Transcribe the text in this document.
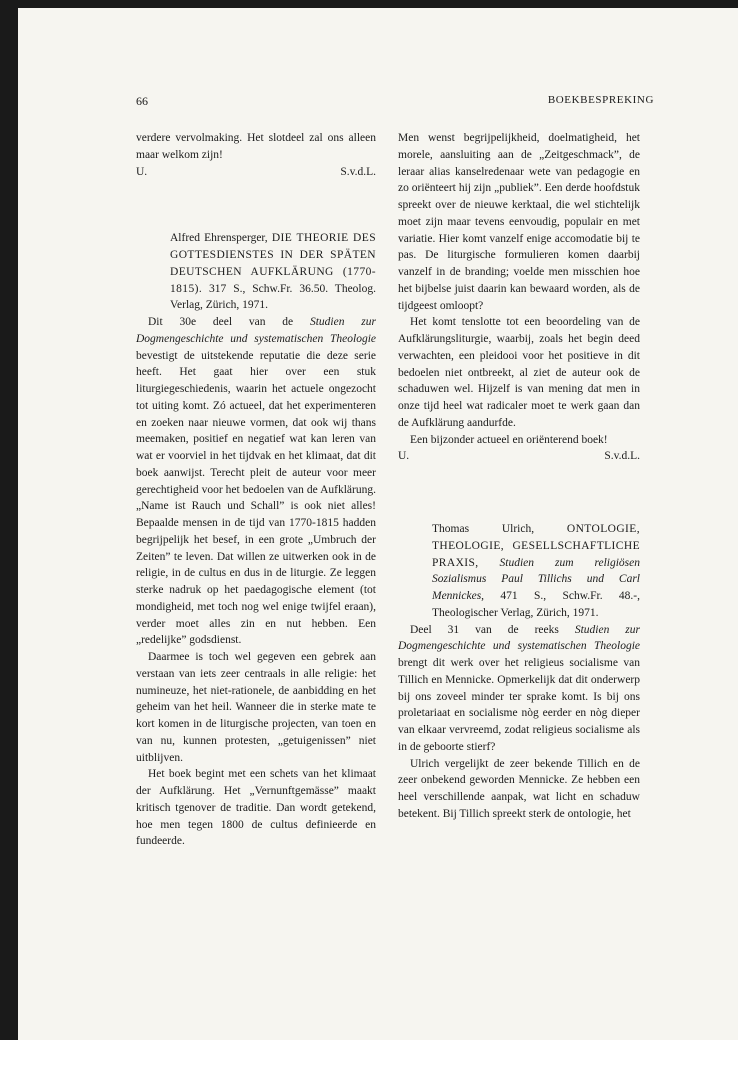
66	BOEKBESPREKING

verdere vervolmaking. Het slotdeel zal ons alleen maar welkom zijn!

U.	S.v.d.L.

Alfred Ehrensperger, DIE THEORIE DES GOTTESDIENSTES IN DER SPÄTEN DEUTSCHEN AUFKLÄRUNG (1770-1815). 317 S., Schw.Fr. 36.50. Theolog. Verlag, Zürich, 1971.

Dit 30e deel van de Studien zur Dogmengeschichte und systematischen Theologie bevestigt de uitstekende reputatie die deze serie heeft. Het gaat hier over een stuk liturgiegeschiedenis, waarin het actuele ongezocht tot uiting komt. Zó actueel, dat het experimenteren en zoeken naar nieuwe vormen, dat ook wij thans meemaken, positief en negatief wat kan leren van wat er voorviel in het tijdvak en het klimaat, dat dit boek aanwijst. Terecht pleit de auteur voor meer gerechtigheid voor het bedoelen van de Aufklärung. „Name ist Rauch und Schall” is ook niet alles! Bepaalde mensen in de tijd van 1770-1815 hadden begrijpelijk het besef, in een grote „Umbruch der Zeiten” te leven. Dat willen ze uitwerken ook in de religie, in de cultus en dus in de liturgie. Ze leggen sterke nadruk op het paedagogische element (tot mondigheid, met toch nog wel enige twijfel eraan), verder moet alles zin en nut hebben. Een „redelijke” godsdienst.

Daarmee is toch wel gegeven een gebrek aan verstaan van iets zeer centraals in alle religie: het numineuze, het niet-rationele, de aanbidding en het geheim van het heil. Wanneer die in sterke mate te kort komen in de liturgische projecten, van toen en van nu, kunnen protesten, „getuigenissen” niet uitblijven.

Het boek begint met een schets van het klimaat der Aufklärung. Het „Vernunftgemässe” maakt kritisch tgenover de traditie. Dan wordt getekend, hoe men tegen 1800 de cultus definieerde en fundeerde.

Men wenst begrijpelijkheid, doelmatigheid, het morele, aansluiting aan de „Zeitgeschmack”, de leraar alias kanselredenaar wete van pedagogie en zo oriënteert hij zijn „publiek”. Een derde hoofdstuk spreekt over de nieuwe kerktaal, die wel stichtelijk moet zijn maar tevens eenvoudig, populair en met variatie. Hier komt vanzelf enige accomodatie bij te pas. De liturgische formulieren komen daarbij vanzelf in de branding; voelde men misschien hoe het bijbelse juist daarin kan bewaard worden, als de tijdgeest omloopt?

Het komt tenslotte tot een beoordeling van de Aufklärungsliturgie, waarbij, zoals het begin deed verwachten, een pleidooi voor het positieve in dit bedoelen niet ontbreekt, al ziet de auteur ook de schaduwen wel. Hijzelf is van mening dat men in onze tijd heel wat radicaler moet te werk gaan dan de Aufklärung aandurfde.

Een bijzonder actueel en oriënterend boek!

U.	S.v.d.L.

Thomas Ulrich, ONTOLOGIE, THEOLOGIE, GESELLSCHAFTLICHE PRAXIS, Studien zum religiösen Sozialismus Paul Tillichs und Carl Mennickes, 471 S., Schw.Fr. 48.-, Theologischer Verlag, Zürich, 1971.

Deel 31 van de reeks Studien zur Dogmengeschichte und systematischen Theologie brengt dit werk over het religieus socialisme van Tillich en Mennicke. Opmerkelijk dat dit onderwerp bij ons zoveel minder ter sprake komt. Is bij ons proletariaat en socialisme nòg eerder en nòg dieper van elkaar vervreemd, zodat religieus socialisme als in de geboorte stierf?

Ulrich vergelijkt de zeer bekende Tillich en de zeer onbekend geworden Mennicke. Ze hebben een heel verschillende aanpak, wat licht en schaduw betekent. Bij Tillich spreekt sterk de ontologie, het
